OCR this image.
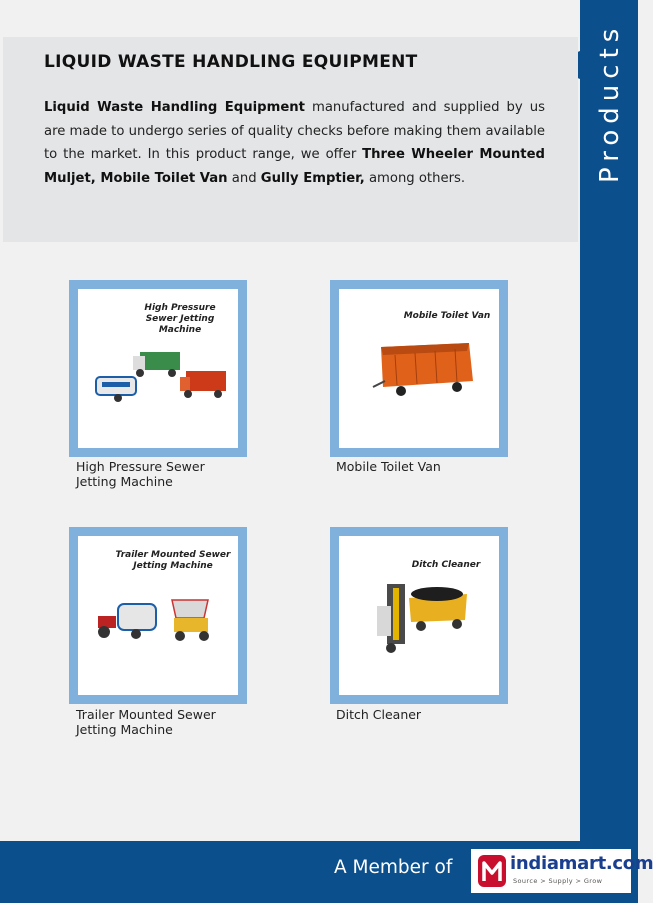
Products
LIQUID WASTE HANDLING EQUIPMENT

Liquid Waste Handling Equipment manufactured and supplied by us are made to undergo series of quality checks before making them available to the market. In this product range, we offer Three Wheeler Mounted Muljet, Mobile Toilet Van and Gully Emptier, among others.

High Pressure Sewer Jetting Machine
High Pressure Sewer
Jetting Machine
Mobile Toilet Van
Mobile Toilet Van
Trailer Mounted Sewer Jetting Machine
Trailer Mounted Sewer
Jetting Machine
Ditch Cleaner
Ditch Cleaner
A Member of	indiamart.com
Source > Supply > Grow
